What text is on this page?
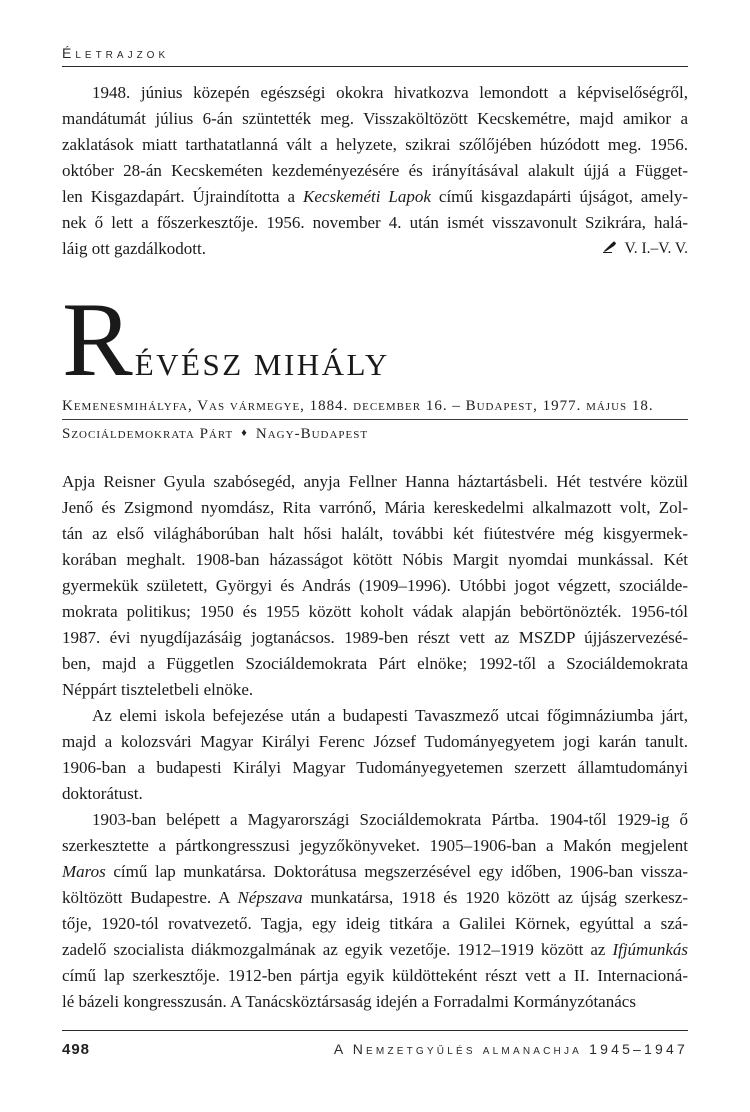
Életrajzok
1948. június közepén egészségi okokra hivatkozva lemondott a képviselőségről,
mandátumát július 6-án szüntették meg. Visszaköltözött Kecskemétre, majd amikor a
zaklatások miatt tarthatatlanná vált a helyzete, szikrai szőlőjében húzódott meg. 1956.
október 28-án Kecskeméten kezdeményezésére és irányításával alakult újjá a Függet-
len Kisgazdapárt. Újraindította a Kecskeméti Lapok című kisgazdapárti újságot, amely-
nek ő lett a főszerkesztője. 1956. november 4. után ismét visszavonult Szikrára, halá-
láig ott gazdálkodott.	V. I.–V. V.
R ÉVÉSZ MIHÁLY
Kemenesmihályfa, Vas vármegye, 1884. december 16. – Budapest, 1977. május 18.
Szociáldemokrata Párt ♦ Nagy-Budapest
Apja Reisner Gyula szabósegéd, anyja Fellner Hanna háztartásbeli. Hét testvére közül
Jenő és Zsigmond nyomdász, Rita varrónő, Mária kereskedelmi alkalmazott volt, Zol-
tán az első világháborúban halt hősi halált, további két fiútestvére még kisgyermek-
korában meghalt. 1908-ban házasságot kötött Nóbis Margit nyomdai munkással. Két
gyermekük született, Györgyi és András (1909–1996). Utóbbi jogot végzett, szociálde-
mokrata politikus; 1950 és 1955 között koholt vádak alapján bebörtönözték. 1956-tól
1987. évi nyugdíjazásáig jogtanácsos. 1989-ben részt vett az MSZDP újjászervezésé-
ben, majd a Független Szociáldemokrata Párt elnöke; 1992-től a Szociáldemokrata
Néppárt tiszteletbeli elnöke.
Az elemi iskola befejezése után a budapesti Tavaszmező utcai főgimnáziumba járt,
majd a kolozsvári Magyar Királyi Ferenc József Tudományegyetem jogi karán tanult.
1906-ban a budapesti Királyi Magyar Tudományegyetemen szerzett államtudományi
doktorátust.
1903-ban belépett a Magyarországi Szociáldemokrata Pártba. 1904-től 1929-ig ő
szerkesztette a pártkongresszusi jegyzőkönyveket. 1905–1906-ban a Makón megjelent
Maros című lap munkatársa. Doktorátusa megszerzésével egy időben, 1906-ban vissza-
költözött Budapestre. A Népszava munkatársa, 1918 és 1920 között az újság szerkesz-
tője, 1920-tól rovatvezető. Tagja, egy ideig titkára a Galilei Körnek, egyúttal a szá-
zadelő szocialista diákmozgalmának az egyik vezetője. 1912–1919 között az Ifjúmunkás
című lap szerkesztője. 1912-ben pártja egyik küldötteként részt vett a II. Internacioná-
lé bázeli kongresszusán. A Tanácsköztársaság idején a Forradalmi Kormányzótanács
498	A Nemzetgyűlés almanachja 1945–1947
